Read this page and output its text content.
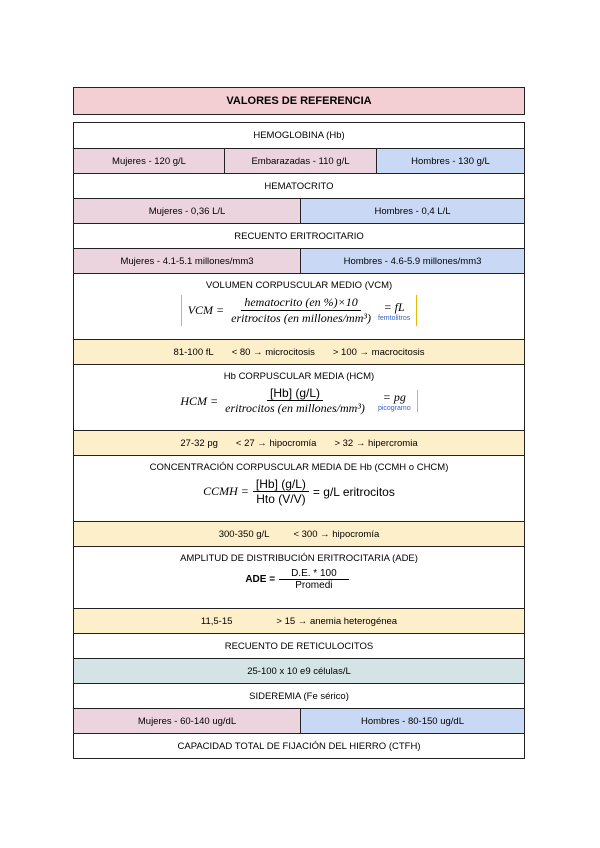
VALORES DE REFERENCIA
HEMOGLOBINA (Hb)
Mujeres - 120 g/L	Embarazadas - 110 g/L	Hombres - 130 g/L
HEMATOCRITO
Mujeres - 0,36 L/L	Hombres - 0,4 L/L
RECUENTO ERITROCITARIO
Mujeres - 4.1-5.1 millones/mm3	Hombres - 4.6-5.9 millones/mm3
VOLUMEN CORPUSCULAR MEDIO (VCM)
VCM = $\frac{\text{hematocrito (en \%)×10}}{\text{eritrocitos (en millones/mm³)}}$ = fL
femtolitros
81-100 fL < 80 → microcitosis > 100 → macrocitosis
Hb CORPUSCULAR MEDIA (HCM)
HCM = $\frac{[Hb] (g/L)}{\text{eritrocitos (en millones/mm³)}}$ = pg
picogramo
27-32 pg < 27 → hipocromía > 32 → hipercromia
CONCENTRACIÓN CORPUSCULAR MEDIA DE Hb (CCMH o CHCM)
CCMH = $\frac{[Hb] (g/L)}{\text{Hto (V/V)}} = g/L$ eritrocitos
300-350 g/L	< 300 → hipocromía
AMPLITUD DE DISTRIBUCIÓN ERITROCITARIA (ADE)
ADE = $\frac{D.E. * 100}{\text{Promedi}}$
11,5-15	> 15 → anemia heterogénea
RECUENTO DE RETICULOCITOS
25-100 x 10 e9 células/L
SIDEREMIA (Fe sérico)
Mujeres - 60-140 ug/dL	Hombres - 80-150 ug/dL
CAPACIDAD TOTAL DE FIJACIÓN DEL HIERRO (CTFH)
